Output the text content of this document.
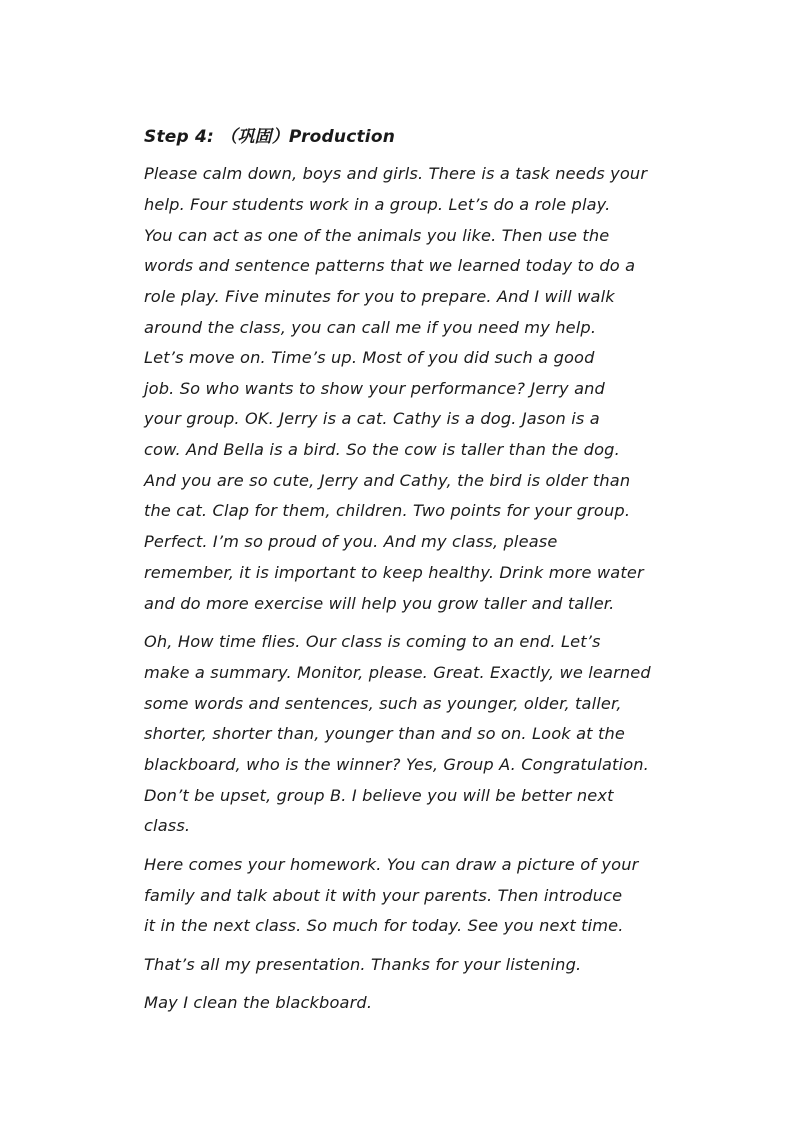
Step 4: （巩固）Production
Please calm down, boys and girls. There is a task needs your
help. Four students work in a group. Let’s do a role play.
You can act as one of the animals you like. Then use the
words and sentence patterns that we learned today to do a
role play. Five minutes for you to prepare. And I will walk
around the class, you can call me if you need my help.
Let’s move on. Time’s up. Most of you did such a good
job. So who wants to show your performance? Jerry and
your group. OK. Jerry is a cat. Cathy is a dog. Jason is a
cow. And Bella is a bird. So the cow is taller than the dog.
And you are so cute, Jerry and Cathy, the bird is older than
the cat. Clap for them, children. Two points for your group.
Perfect. I’m so proud of you. And my class, please
remember, it is important to keep healthy. Drink more water
and do more exercise will help you grow taller and taller.
Oh, How time flies. Our class is coming to an end. Let’s
make a summary. Monitor, please. Great. Exactly, we learned
some words and sentences, such as younger, older, taller,
shorter, shorter than, younger than and so on. Look at the
blackboard, who is the winner? Yes, Group A. Congratulation.
Don’t be upset, group B. I believe you will be better next
class.
Here comes your homework. You can draw a picture of your
family and talk about it with your parents. Then introduce
it in the next class. So much for today. See you next time.
That’s all my presentation. Thanks for your listening.
May I clean the blackboard.
